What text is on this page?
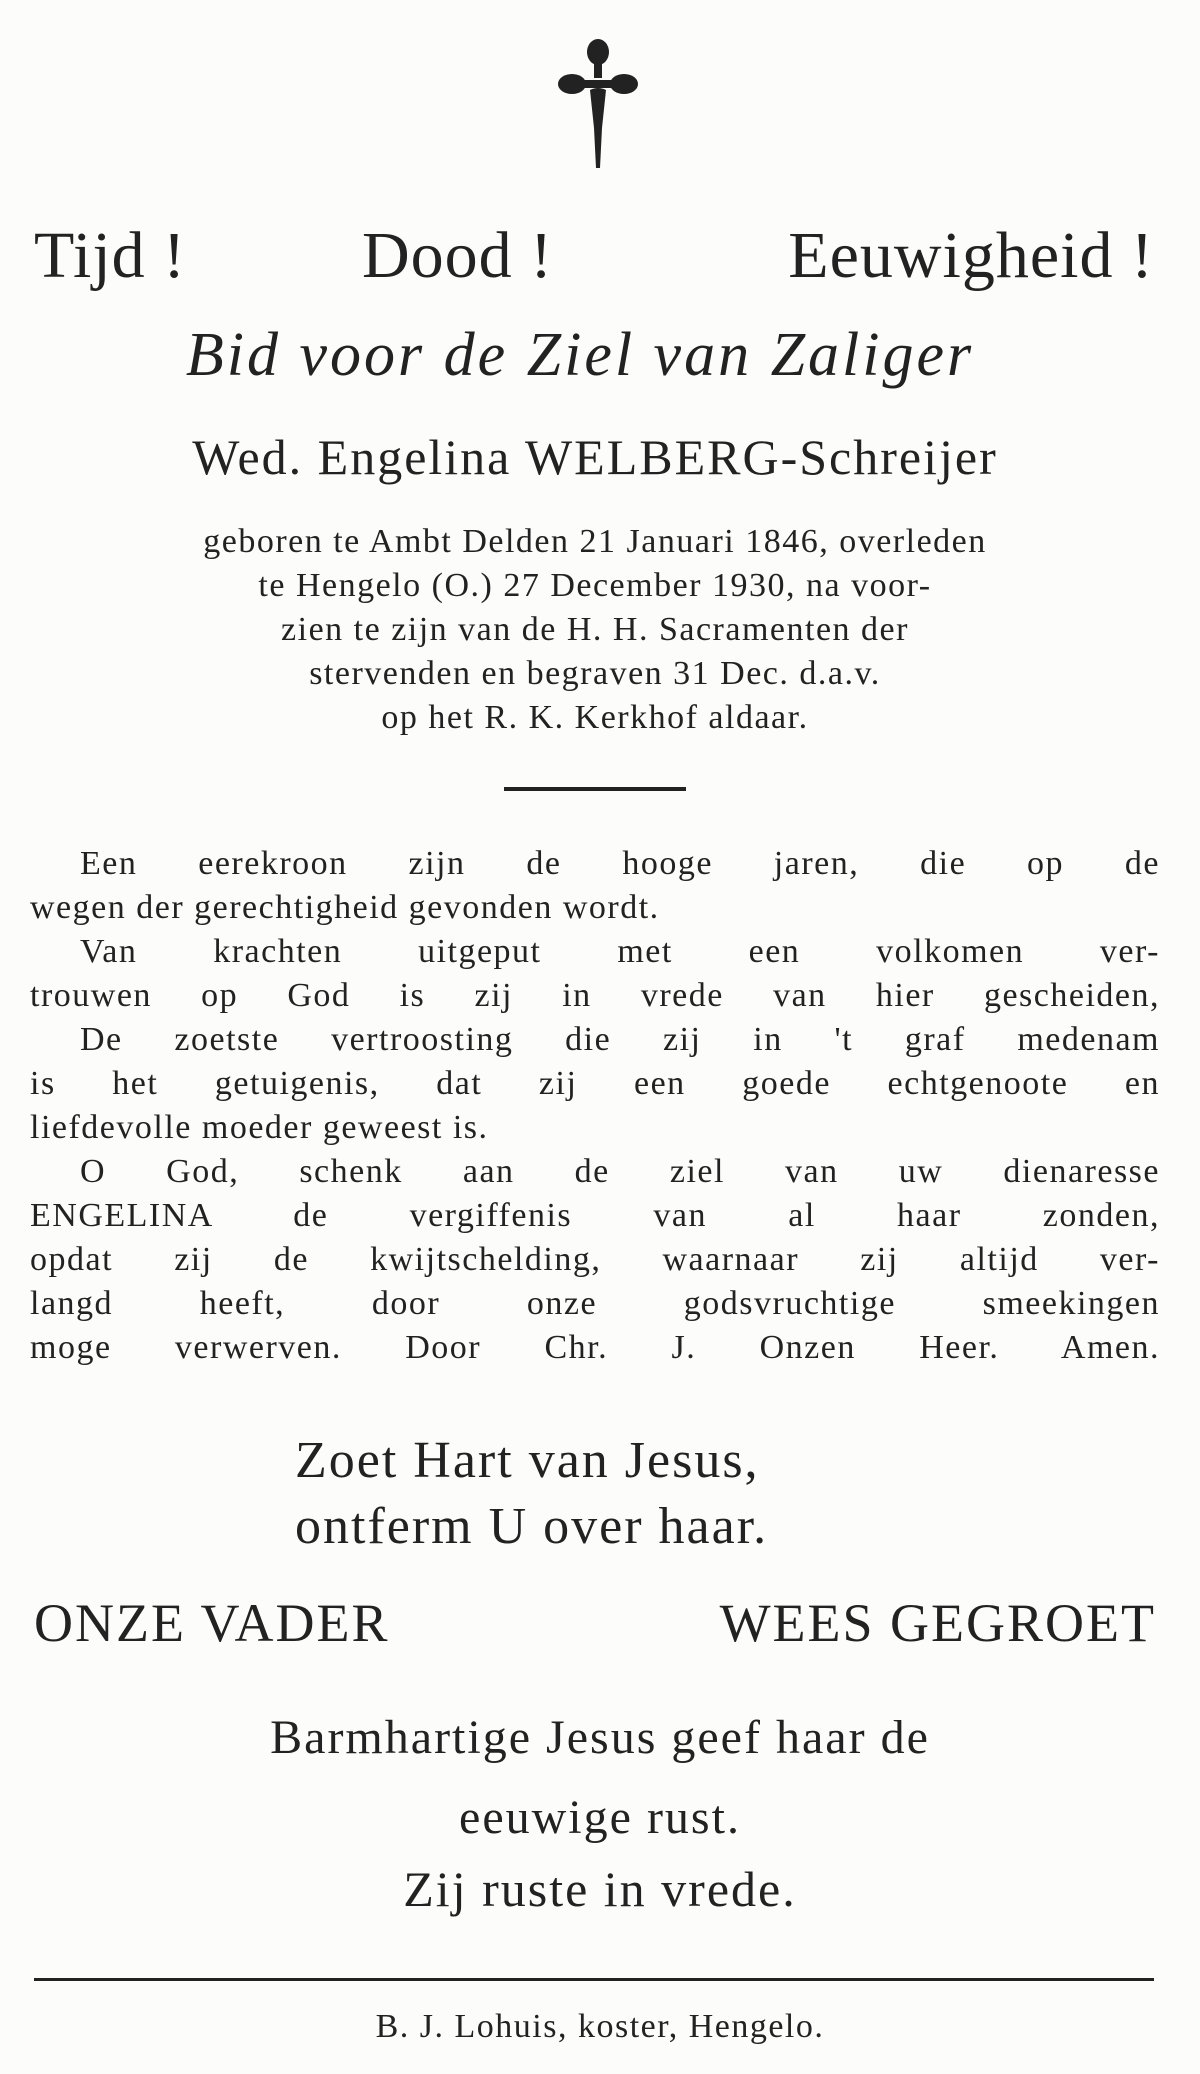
Tijd !	Dood !	Eeuwigheid !
Bid voor de Ziel van Zaliger
Wed. Engelina WELBERG-Schreijer
geboren te Ambt Delden 21 Januari 1846, overleden
te Hengelo (O.) 27 December 1930, na voor-
zien te zijn van de H. H. Sacramenten der
stervenden en begraven 31 Dec. d.a.v.
op het R. K. Kerkhof aldaar.
Een eerekroon zijn de hooge jaren, die op de
wegen der gerechtigheid gevonden wordt.
Van krachten uitgeput met een volkomen ver-
trouwen op God is zij in vrede van hier gescheiden,
De zoetste vertroosting die zij in 't graf medenam
is het getuigenis, dat zij een goede echtgenoote en
liefdevolle moeder geweest is.
O God, schenk aan de ziel van uw dienaresse
ENGELINA de vergiffenis van al haar zonden,
opdat zij de kwijtschelding, waarnaar zij altijd ver-
langd heeft, door onze godsvruchtige smeekingen
moge verwerven. Door Chr. J. Onzen Heer. Amen.
Zoet Hart van Jesus,
ontferm U over haar.
ONZE VADER	WEES GEGROET
Barmhartige Jesus geef haar de
eeuwige rust.
Zij ruste in vrede.
B. J. Lohuis, koster, Hengelo.
